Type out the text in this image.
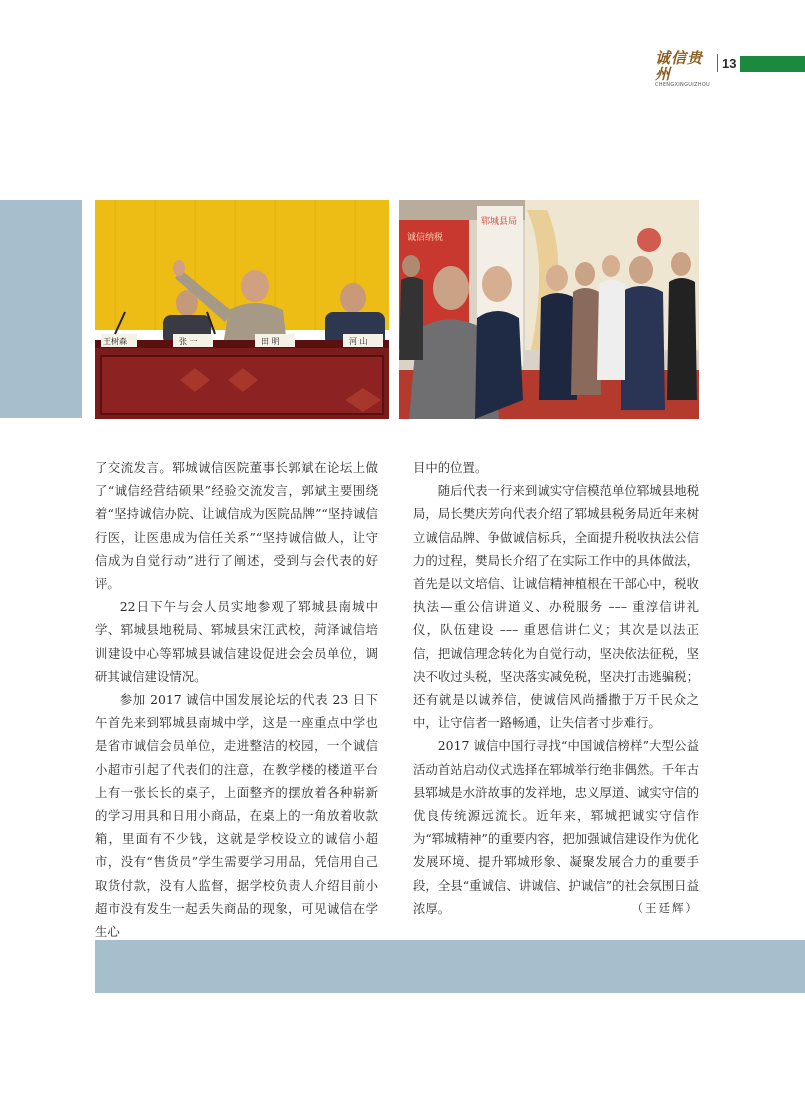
诚信贵州
CHENGXINGUIZHOU
13
王树森	张 一	田 明	河 山
郓城县局
诚信纳税

了交流发言。郓城诚信医院董事长郭斌在论坛上做了“诚信经营结硕果”经验交流发言，郭斌主要围绕着“坚持诚信办院、让诚信成为医院品牌”“坚持诚信行医，让医患成为信任关系”“坚持诚信做人，让守信成为自觉行动”进行了阐述，受到与会代表的好评。

22日下午与会人员实地参观了郓城县南城中学、郓城县地税局、郓城县宋江武校，菏泽诚信培训建设中心等郓城县诚信建设促进会会员单位，调研其诚信建设情况。

参加 2017 诚信中国发展论坛的代表 23 日下午首先来到郓城县南城中学，这是一座重点中学也是省市诚信会员单位，走进整洁的校园，一个诚信小超市引起了代表们的注意，在教学楼的楼道平台上有一张长长的桌子，上面整齐的摆放着各种崭新的学习用具和日用小商品，在桌上的一角放着收款箱，里面有不少钱，这就是学校设立的诚信小超市，没有“售货员”学生需要学习用品，凭信用自己取货付款，没有人监督，据学校负责人介绍目前小超市没有发生一起丢失商品的现象，可见诚信在学生心

目中的位置。

随后代表一行来到诚实守信模范单位郓城县地税局，局长樊庆芳向代表介绍了郓城县税务局近年来树立诚信品牌、争做诚信标兵，全面提升税收执法公信力的过程，樊局长介绍了在实际工作中的具体做法，首先是以文培信、让诚信精神植根在干部心中，税收执法—重公信讲道义、办税服务 ––– 重淳信讲礼仪，队伍建设 ––– 重恩信讲仁义；其次是以法正信，把诚信理念转化为自觉行动，坚决依法征税，坚决不收过头税，坚决落实减免税，坚决打击逃骗税；还有就是以诚养信，使诚信风尚播撒于万千民众之中，让守信者一路畅通，让失信者寸步难行。

2017 诚信中国行寻找“中国诚信榜样”大型公益活动首站启动仪式选择在郓城举行绝非偶然。千年古县郓城是水浒故事的发祥地，忠义厚道、诚实守信的优良传统源远流长。近年来，郓城把诚实守信作为“郓城精神”的重要内容，把加强诚信建设作为优化发展环境、提升郓城形象、凝聚发展合力的重要手段，全县“重诚信、讲诚信、护诚信”的社会氛围日益浓厚。	（王廷辉）
